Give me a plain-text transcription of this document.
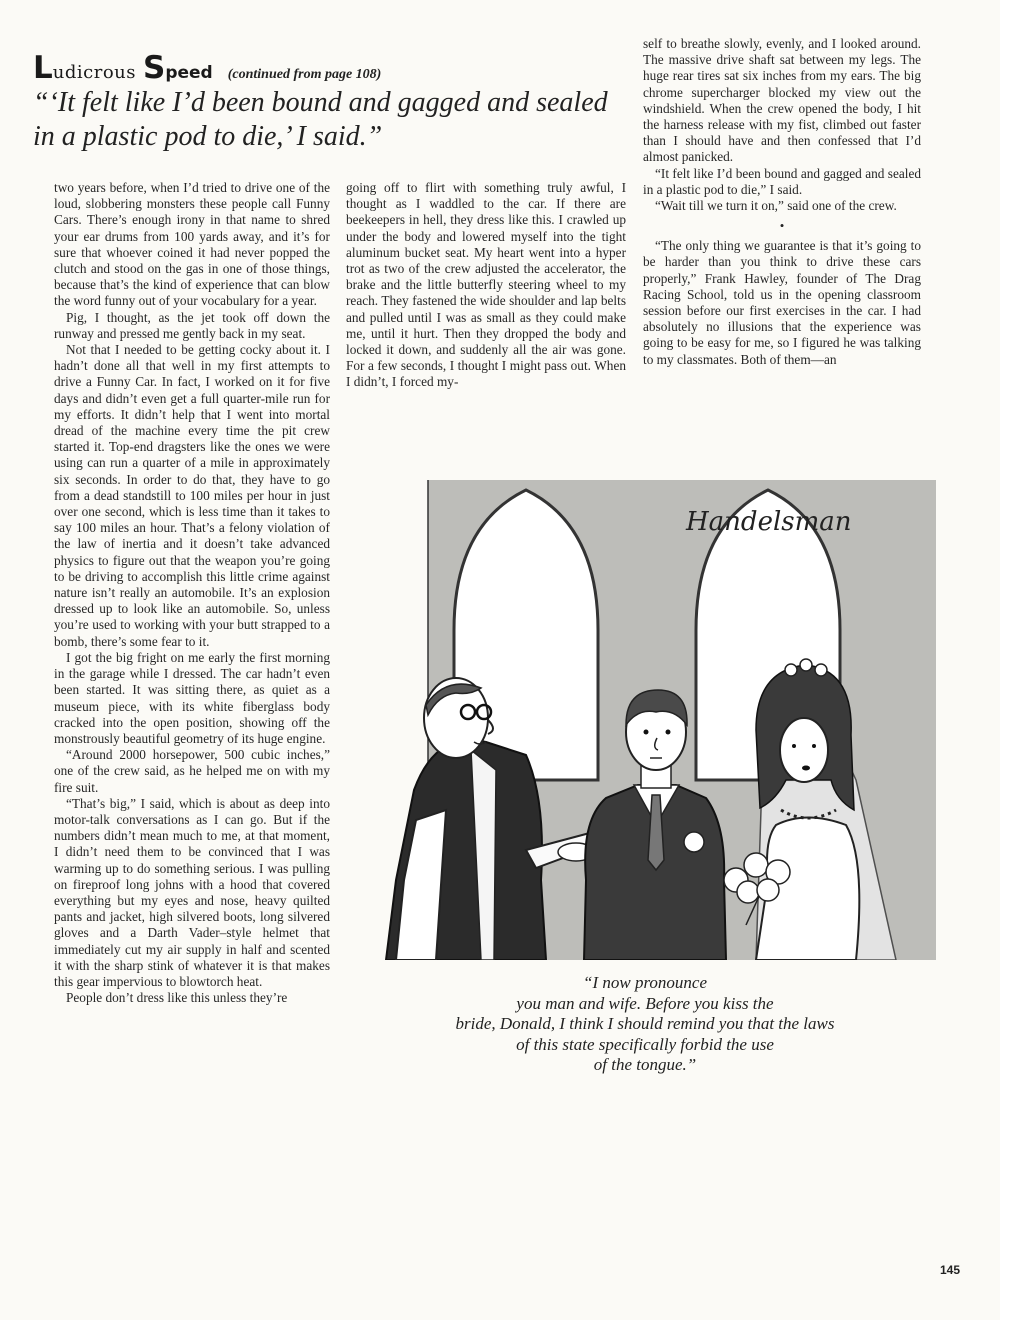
L udicrous S peed (continued from page 108)

“‘It felt like I’d been bound and gagged and sealed in a plastic pod to die,’ I said.”

two years before, when I’d tried to drive one of the loud, slobbering monsters these people call Funny Cars. There’s enough irony in that name to shred your ear drums from 100 yards away, and it’s for sure that whoever coined it had never popped the clutch and stood on the gas in one of those things, because that’s the kind of experience that can blow the word funny out of your vocabulary for a year.

Pig, I thought, as the jet took off down the runway and pressed me gently back in my seat.

Not that I needed to be getting cocky about it. I hadn’t done all that well in my first attempts to drive a Funny Car. In fact, I worked on it for five days and didn’t even get a full quarter-mile run for my efforts. It didn’t help that I went into mortal dread of the machine every time the pit crew started it. Top-end dragsters like the ones we were using can run a quarter of a mile in approximately six seconds. In order to do that, they have to go from a dead standstill to 100 miles per hour in just over one second, which is less time than it takes to say 100 miles an hour. That’s a felony violation of the law of inertia and it doesn’t take advanced physics to figure out that the weapon you’re going to be driving to accomplish this little crime against nature isn’t really an automobile. It’s an explosion dressed up to look like an automobile. So, unless you’re used to working with your butt strapped to a bomb, there’s some fear to it.

I got the big fright on me early the first morning in the garage while I dressed. The car hadn’t even been started. It was sitting there, as quiet as a museum piece, with its white fiberglass body cracked into the open position, showing off the monstrously beautiful geometry of its huge engine.

“Around 2000 horsepower, 500 cubic inches,” one of the crew said, as he helped me on with my fire suit.

“That’s big,” I said, which is about as deep into motor-talk conversations as I can go. But if the numbers didn’t mean much to me, at that moment, I didn’t need them to be convinced that I was warming up to do something serious. I was pulling on fireproof long johns with a hood that covered everything but my eyes and nose, heavy quilted pants and jacket, high silvered boots, long silvered gloves and a Darth Vader–style helmet that immediately cut my air supply in half and scented it with the sharp stink of whatever it is that makes this gear impervious to blowtorch heat.

People don’t dress like this unless they’re

going off to flirt with something truly awful, I thought as I waddled to the car. If there are beekeepers in hell, they dress like this. I crawled up under the body and lowered myself into the tight aluminum bucket seat. My heart went into a hyper trot as two of the crew adjusted the accelerator, the brake and the little butterfly steering wheel to my reach. They fastened the wide shoulder and lap belts and pulled until I was as small as they could make me, until it hurt. Then they dropped the body and locked it down, and suddenly all the air was gone. For a few seconds, I thought I might pass out. When I didn’t, I forced my-

self to breathe slowly, evenly, and I looked around. The massive drive shaft sat between my legs. The huge rear tires sat six inches from my ears. The big chrome supercharger blocked my view out the windshield. When the crew opened the body, I hit the harness release with my fist, climbed out faster than I should have and then confessed that I’d almost panicked.

“It felt like I’d been bound and gagged and sealed in a plastic pod to die,” I said.

“Wait till we turn it on,” said one of the crew.

•

“The only thing we guarantee is that it’s going to be harder than you think to drive these cars properly,” Frank Hawley, founder of The Drag Racing School, told us in the opening classroom session before our first exercises in the car. I had absolutely no illusions that the experience was going to be easy for me, so I figured he was talking to my classmates. Both of them—an

Handelsman
“I now pronounce
you man and wife. Before you kiss the
bride, Donald, I think I should remind you that the laws
of this state specifically forbid the use
of the tongue.”
145
